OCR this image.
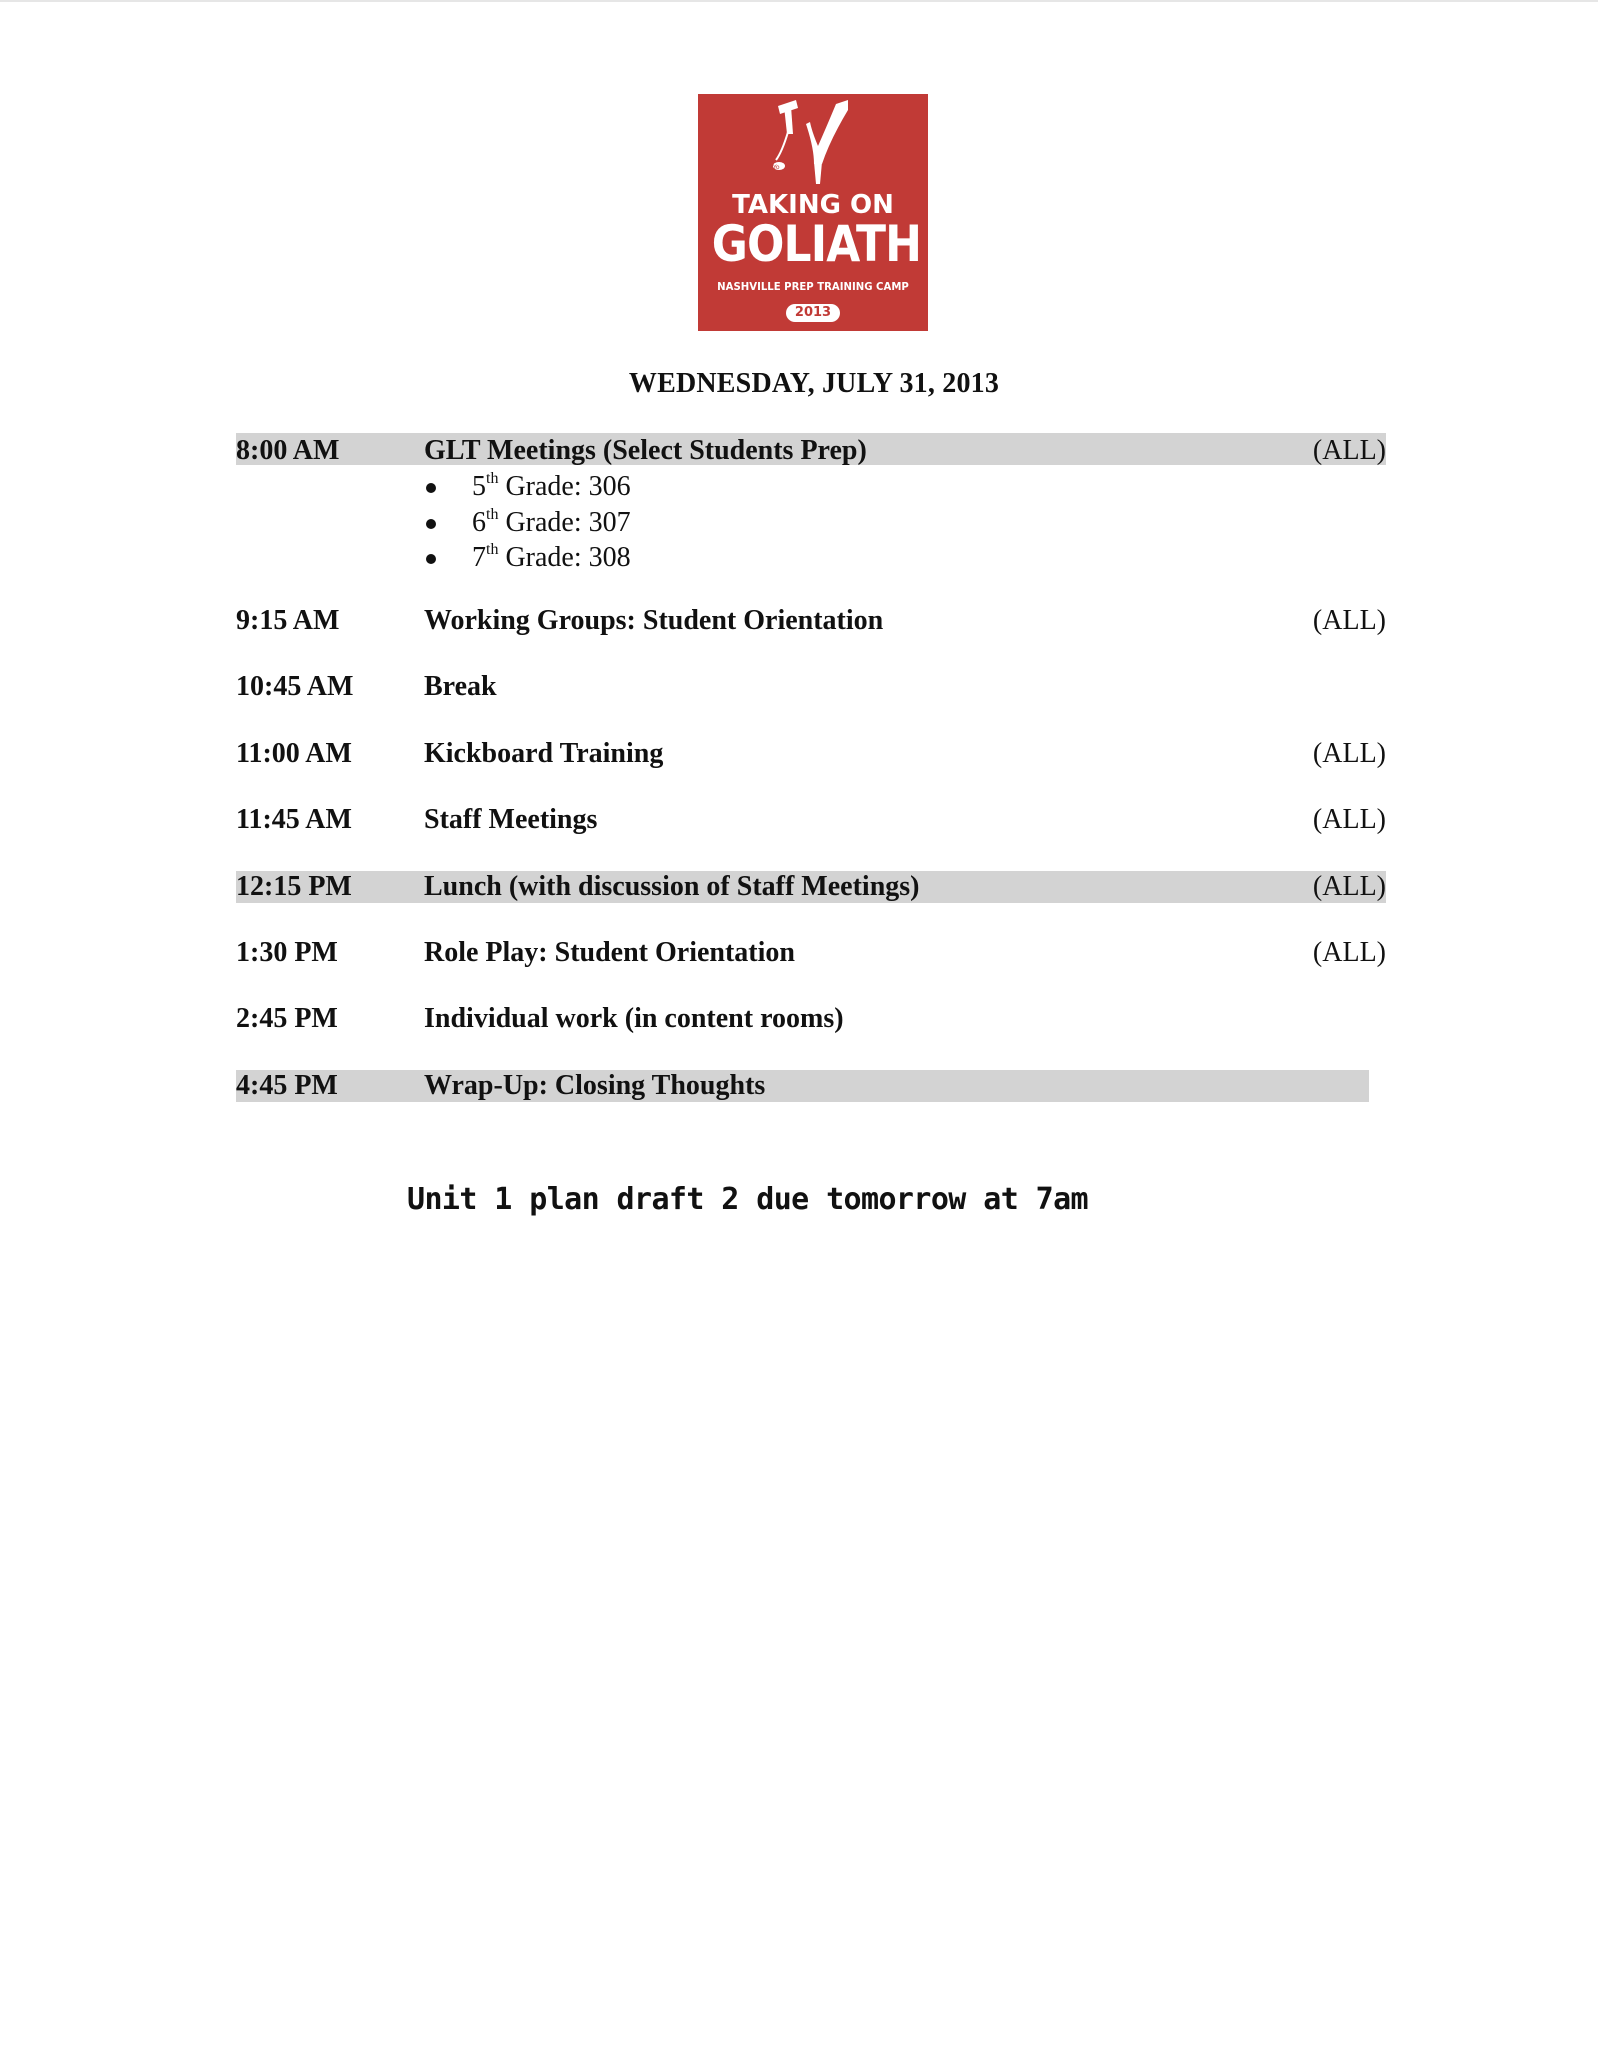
Yo
TAKING ON
GOLIATH
NASHVILLE PREP TRAINING CAMP
2013
WEDNESDAY, JULY 31, 2013
8:00 AM	GLT Meetings (Select Students Prep)	(ALL)
5th Grade: 306
6th Grade: 307
7th Grade: 308
9:15 AM	Working Groups: Student Orientation	(ALL)
10:45 AM	Break
11:00 AM	Kickboard Training	(ALL)
11:45 AM	Staff Meetings	(ALL)
12:15 PM	Lunch (with discussion of Staff Meetings)	(ALL)
1:30 PM	Role Play: Student Orientation	(ALL)
2:45 PM	Individual work (in content rooms)
4:45 PM	Wrap-Up: Closing Thoughts
Unit 1 plan draft 2 due tomorrow at 7am
